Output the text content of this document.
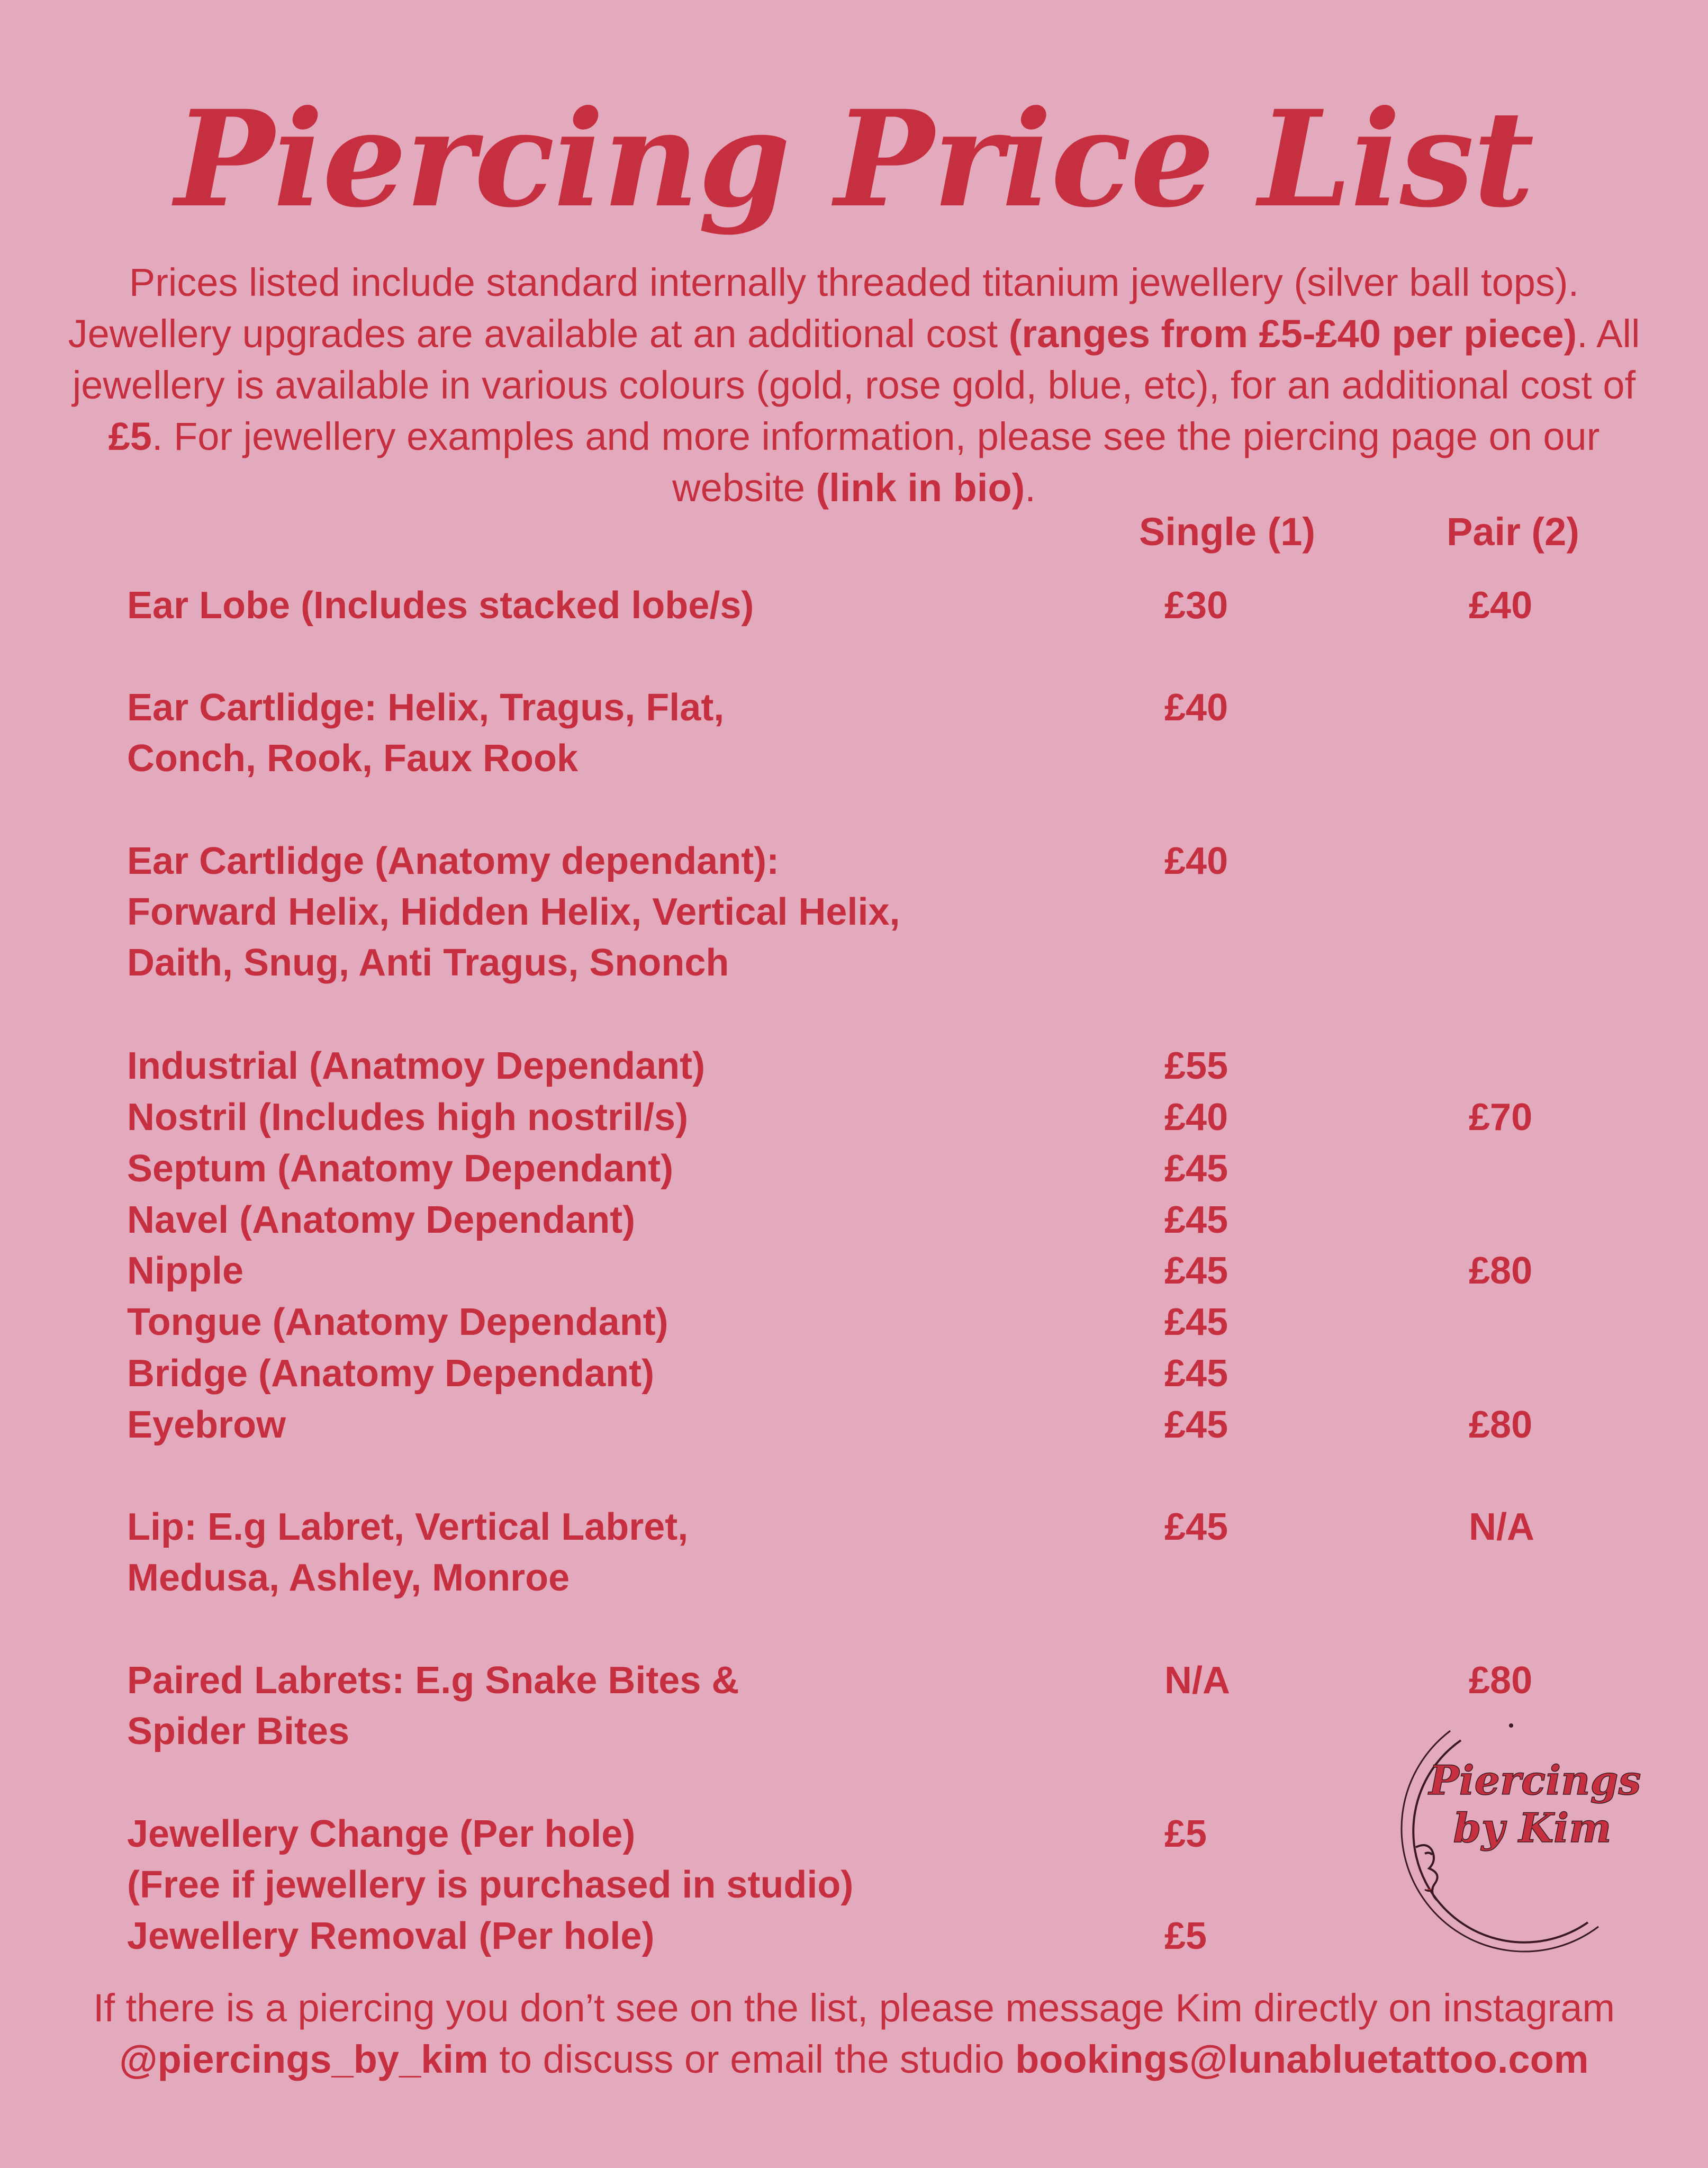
Piercing Price List
Prices listed include standard internally threaded titanium jewellery (silver ball tops). Jewellery upgrades are available at an additional cost (ranges from £5-£40 per piece). All jewellery is available in various colours (gold, rose gold, blue, etc), for an additional cost of £5. For jewellery examples and more information, please see the piercing page on our website (link in bio).
Single (1)	Pair (2)
Ear Lobe (Includes stacked lobe/s)	£30	£40
Ear Cartlidge: Helix, Tragus, Flat,
Conch, Rook, Faux Rook
£40
Ear Cartlidge (Anatomy dependant):
Forward Helix, Hidden Helix, Vertical Helix,
Daith, Snug, Anti Tragus, Snonch
£40
Industrial (Anatmoy Dependant)	£55
Nostril (Includes high nostril/s)	£40	£70
Septum (Anatomy Dependant)	£45
Navel (Anatomy Dependant)	£45
Nipple	£45	£80
Tongue (Anatomy Dependant)	£45
Bridge (Anatomy Dependant)	£45
Eyebrow	£45	£80
Lip: E.g Labret, Vertical Labret,
Medusa, Ashley, Monroe
£45	N/A
Paired Labrets: E.g Snake Bites &
Spider Bites
N/A	£80
Jewellery Change (Per hole)
(Free if jewellery is purchased in studio)
£5
Jewellery Removal (Per hole)	£5
Piercings
by Kim
If there is a piercing you don’t see on the list, please message Kim directly on instagram @piercings_by_kim to discuss or email the studio bookings@lunabluetattoo.com
